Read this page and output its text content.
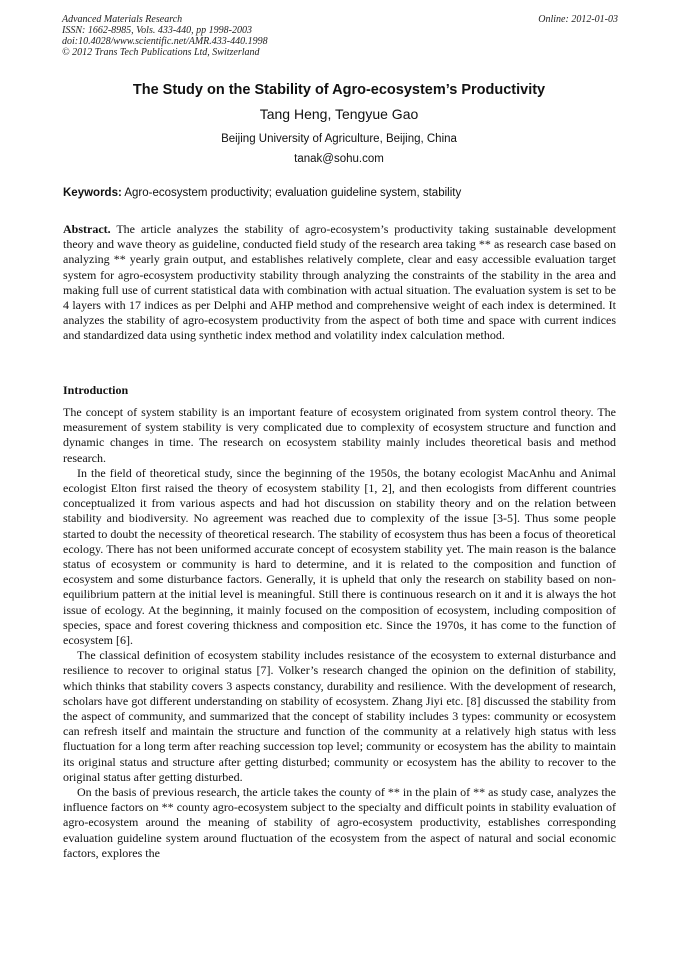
Advanced Materials Research
ISSN: 1662-8985, Vols. 433-440, pp 1998-2003
doi:10.4028/www.scientific.net/AMR.433-440.1998
© 2012 Trans Tech Publications Ltd, Switzerland
Online: 2012-01-03
The Study on the Stability of Agro-ecosystem’s Productivity
Tang Heng, Tengyue Gao
Beijing University of Agriculture, Beijing, China
tanak@sohu.com
Keywords: Agro-ecosystem productivity; evaluation guideline system, stability

Abstract. The article analyzes the stability of agro-ecosystem’s productivity taking sustainable development theory and wave theory as guideline, conducted field study of the research area taking ** as research case based on analyzing ** yearly grain output, and establishes relatively complete, clear and easy accessible evaluation target system for agro-ecosystem productivity stability through analyzing the constraints of the stability in the area and making full use of current statistical data with combination with actual situation. The evaluation system is set to be 4 layers with 17 indices as per Delphi and AHP method and comprehensive weight of each index is determined. It analyzes the stability of agro-ecosystem productivity from the aspect of both time and space with current indices and standardized data using synthetic index method and volatility index calculation method.

Introduction

The concept of system stability is an important feature of ecosystem originated from system control theory. The measurement of system stability is very complicated due to complexity of ecosystem structure and function and dynamic changes in time. The research on ecosystem stability mainly includes theoretical basis and method research.

In the field of theoretical study, since the beginning of the 1950s, the botany ecologist MacAnhu and Animal ecologist Elton first raised the theory of ecosystem stability [1, 2], and then ecologists from different countries conceptualized it from various aspects and had hot discussion on stability theory and on the relation between stability and biodiversity. No agreement was reached due to complexity of the issue [3-5]. Thus some people started to doubt the necessity of theoretical research. The stability of ecosystem thus has been a focus of theoretical ecology. There has not been uniformed accurate concept of ecosystem stability yet. The main reason is the balance status of ecosystem or community is hard to determine, and it is related to the composition and function of ecosystem and some disturbance factors. Generally, it is upheld that only the research on stability based on non-equilibrium pattern at the initial level is meaningful. Still there is continuous research on it and it is always the hot issue of ecology. At the beginning, it mainly focused on the composition of ecosystem, including composition of species, space and forest covering thickness and composition etc. Since the 1970s, it has come to the function of ecosystem [6].

The classical definition of ecosystem stability includes resistance of the ecosystem to external disturbance and resilience to recover to original status [7]. Volker’s research changed the opinion on the definition of stability, which thinks that stability covers 3 aspects constancy, durability and resilience. With the development of research, scholars have got different understanding on stability of ecosystem. Zhang Jiyi etc. [8] discussed the stability from the aspect of community, and summarized that the concept of stability includes 3 types: community or ecosystem can refresh itself and maintain the structure and function of the community at a relatively high status with less fluctuation for a long term after reaching succession top level; community or ecosystem has the ability to maintain its original status and structure after getting disturbed; community or ecosystem has the ability to recover to the original status after getting disturbed.

On the basis of previous research, the article takes the county of ** in the plain of ** as study case, analyzes the influence factors on ** county agro-ecosystem subject to the specialty and difficult points in stability evaluation of agro-ecosystem around the meaning of stability of agro-ecosystem productivity, establishes corresponding evaluation guideline system around fluctuation of the ecosystem from the aspect of natural and social economic factors, explores the
